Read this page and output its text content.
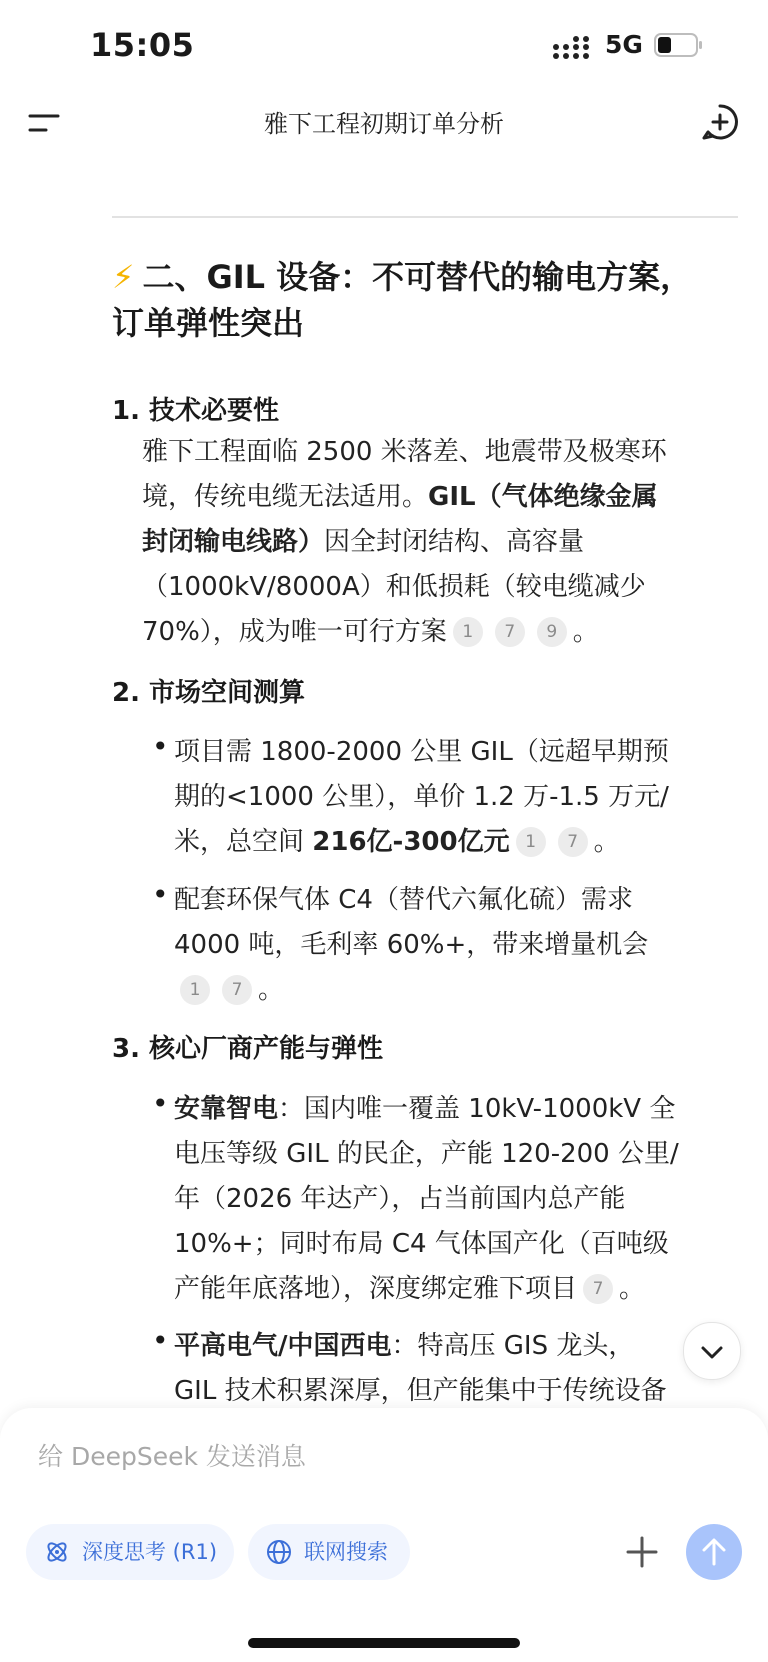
15:05	5G
雅下工程初期订单分析
⚡ 二、GIL 设备：不可替代的输电方案，
订单弹性突出
1. 技术必要性
雅下工程面临 2500 米落差、地震带及极寒环
境，传统电缆无法适用。GIL（气体绝缘金属
封闭输电线路）因全封闭结构、高容量
（1000kV/8000A）和低损耗（较电缆减少
70%），成为唯一可行方案 1 7 9 。
2. 市场空间测算
• 项目需 1800-2000 公里 GIL（远超早期预
期的<1000 公里），单价 1.2 万-1.5 万元/
米，总空间 216亿-300亿元 1 7 。
• 配套环保气体 C4（替代六氟化硫）需求
4000 吨，毛利率 60%+，带来增量机会
1 7 。
3. 核心厂商产能与弹性
• 安靠智电：国内唯一覆盖 10kV-1000kV 全
电压等级 GIL 的民企，产能 120-200 公里/
年（2026 年达产），占当前国内总产能
10%+；同时布局 C4 气体国产化（百吨级
产能年底落地），深度绑定雅下项目 7 。
• 平高电气/中国西电：特高压 GIS 龙头，
GIL 技术积累深厚，但产能集中于传统设备
给 DeepSeek 发送消息
深度思考 (R1)	联网搜索
